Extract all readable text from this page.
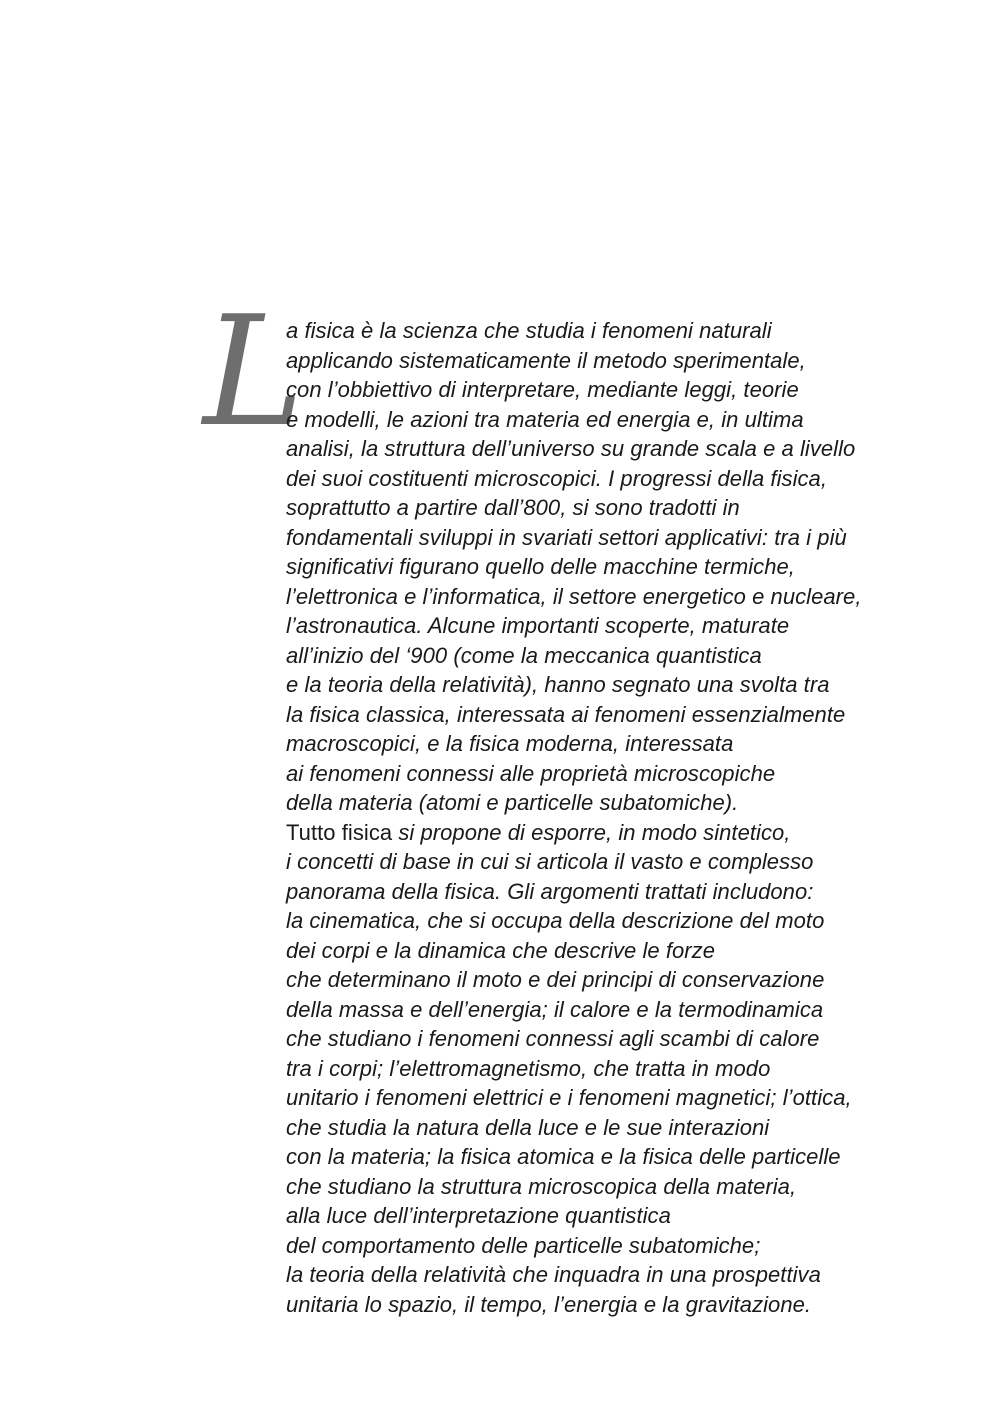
L
a fisica è la scienza che studia i fenomeni naturali
applicando sistematicamente il metodo sperimentale,
con l’obbiettivo di interpretare, mediante leggi, teorie
e modelli, le azioni tra materia ed energia e, in ultima
analisi, la struttura dell’universo su grande scala e a livello
dei suoi costituenti microscopici. I progressi della fisica,
soprattutto a partire dall’800, si sono tradotti in
fondamentali sviluppi in svariati settori applicativi: tra i più
significativi figurano quello delle macchine termiche,
l’elettronica e l’informatica, il settore energetico e nucleare,
l’astronautica. Alcune importanti scoperte, maturate
all’inizio del ‘900 (come la meccanica quantistica
e la teoria della relatività), hanno segnato una svolta tra
la fisica classica, interessata ai fenomeni essenzialmente
macroscopici, e la fisica moderna, interessata
ai fenomeni connessi alle proprietà microscopiche
della materia (atomi e particelle subatomiche).
Tutto fisica si propone di esporre, in modo sintetico,
i concetti di base in cui si articola il vasto e complesso
panorama della fisica. Gli argomenti trattati includono:
la cinematica, che si occupa della descrizione del moto
dei corpi e la dinamica che descrive le forze
che determinano il moto e dei principi di conservazione
della massa e dell’energia; il calore e la termodinamica
che studiano i fenomeni connessi agli scambi di calore
tra i corpi; l’elettromagnetismo, che tratta in modo
unitario i fenomeni elettrici e i fenomeni magnetici; l’ottica,
che studia la natura della luce e le sue interazioni
con la materia; la fisica atomica e la fisica delle particelle
che studiano la struttura microscopica della materia,
alla luce dell’interpretazione quantistica
del comportamento delle particelle subatomiche;
la teoria della relatività che inquadra in una prospettiva
unitaria lo spazio, il tempo, l’energia e la gravitazione.
